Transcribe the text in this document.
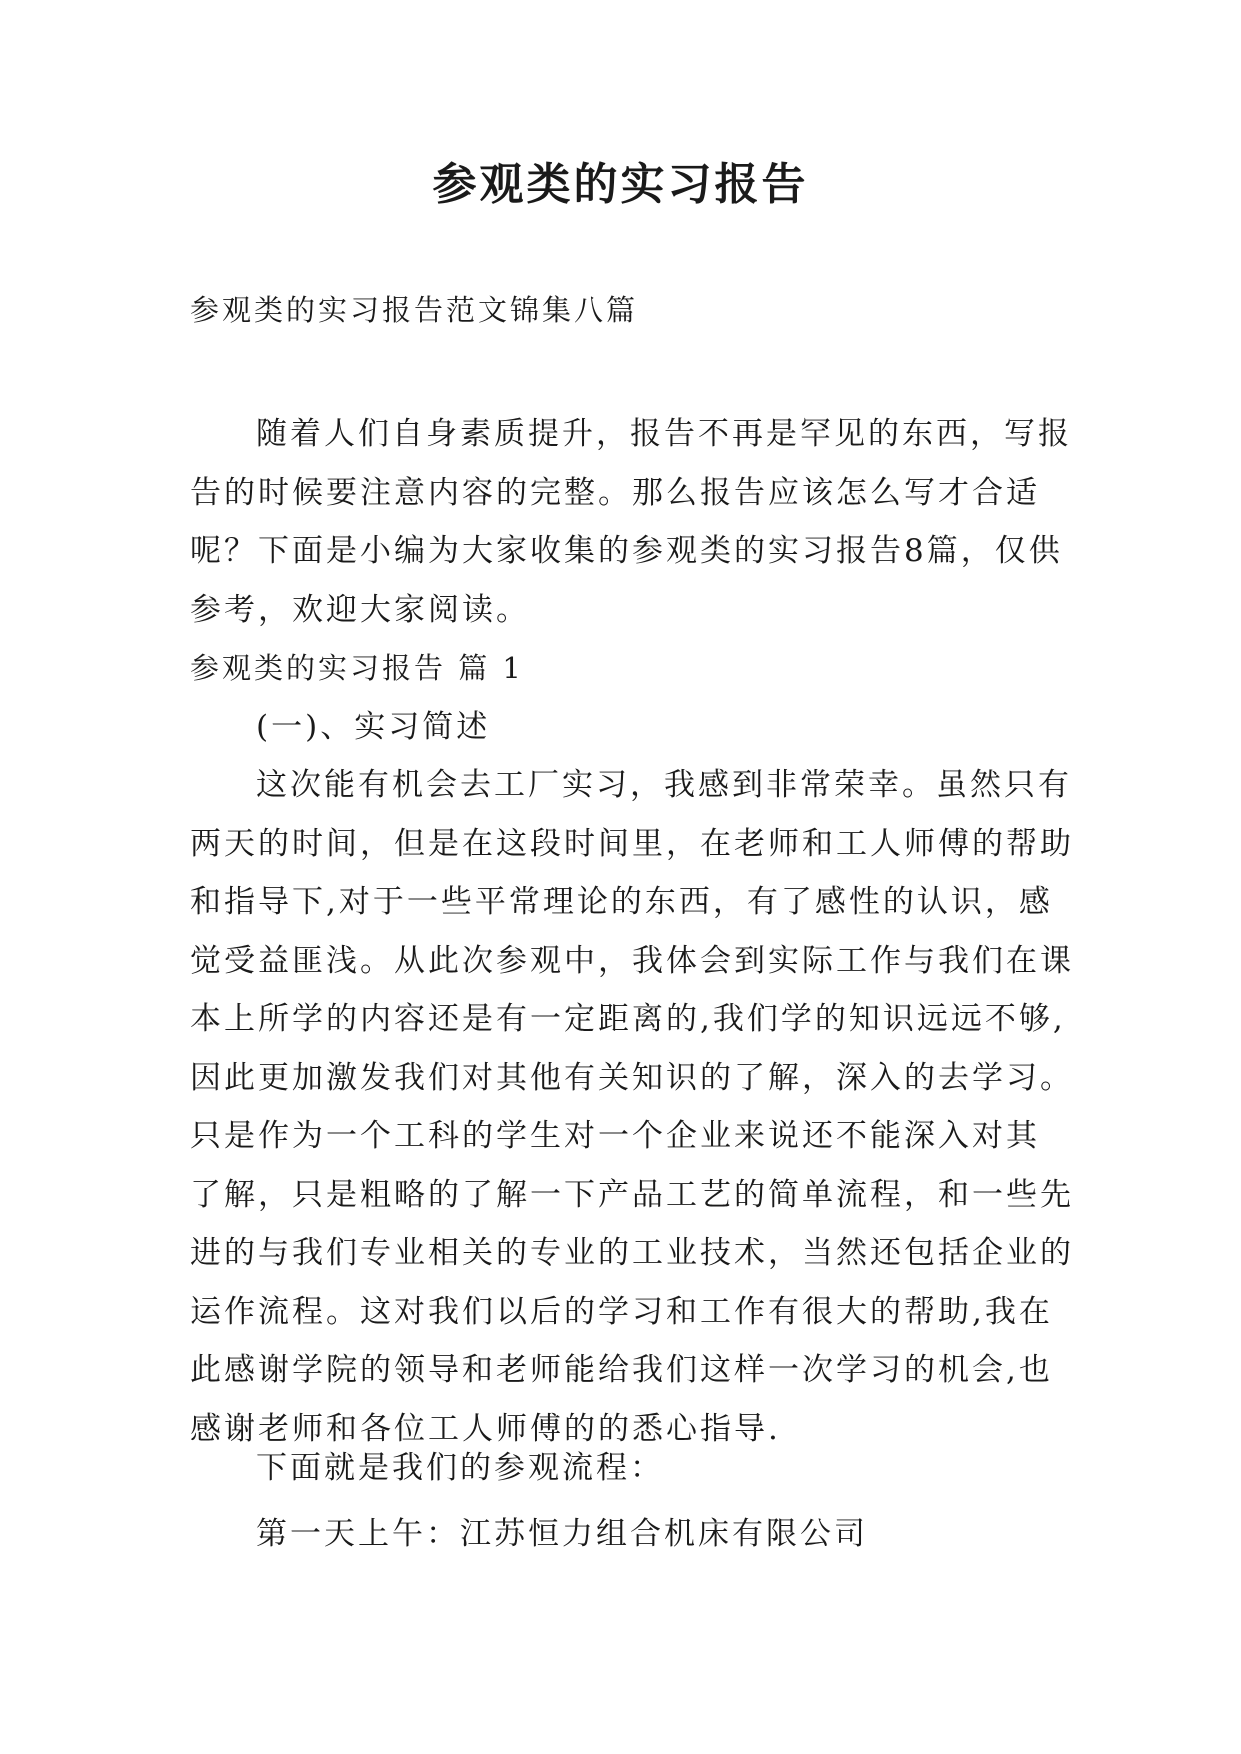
参观类的实习报告

参观类的实习报告范文锦集八篇

随着人们自身素质提升，报告不再是罕见的东西，写报
告的时候要注意内容的完整。那么报告应该怎么写才合适
呢？下面是小编为大家收集的参观类的实习报告8篇，仅供
参考，欢迎大家阅读。
参观类的实习报告 篇 1
(一)、实习简述
这次能有机会去工厂实习，我感到非常荣幸。虽然只有
两天的时间，但是在这段时间里，在老师和工人师傅的帮助
和指导下,对于一些平常理论的东西，有了感性的认识，感
觉受益匪浅。从此次参观中，我体会到实际工作与我们在课
本上所学的内容还是有一定距离的,我们学的知识远远不够,
因此更加激发我们对其他有关知识的了解，深入的去学习。
只是作为一个工科的学生对一个企业来说还不能深入对其
了解，只是粗略的了解一下产品工艺的简单流程，和一些先
进的与我们专业相关的专业的工业技术，当然还包括企业的
运作流程。这对我们以后的学习和工作有很大的帮助,我在
此感谢学院的领导和老师能给我们这样一次学习的机会,也
感谢老师和各位工人师傅的的悉心指导.
下面就是我们的参观流程：
第一天上午：江苏恒力组合机床有限公司
